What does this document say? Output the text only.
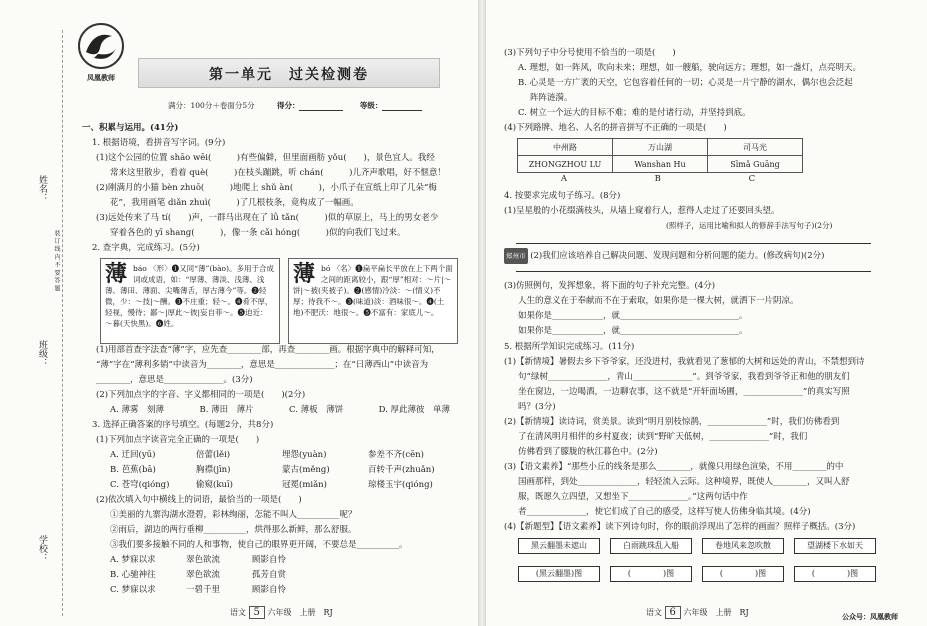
姓名：
班级：
学校：
装 订 线 内 不 要 答 题
凤凰教师	第一单元　过关检测卷
满分：100分＋卷面分5分	得分：	等级：
一、积累与运用。(41分)
1. 根据语境，看拼音写字词。(9分)
(1)这个公园的位置 shāo wēi(　　　)有些偏僻，但里面画舫 yǒu(　　)，景色宜人。我经
常来这里散步，看着 què(　　　)在枝头蹦跳，听 chán(　　　)儿齐声歌唱，好不惬意！
(2)刚满月的小猫 bèn zhuō(　　　)地爬上 shǔ àn(　　　)，小爪子在宣纸上印了几朵“梅
花”，我用画笔 diǎn zhuì(　　　)了几根枝条，竟构成了一幅画。
(3)远处传来了马 tí(　　)声，一群马出现在了 lǜ tǎn(　　　)似的草原上，马上的男女老少
穿着各色的 yī shang(　　　)，像一条 cǎi hóng(　　　)似的向我们飞过来。
2. 查字典，完成练习。(5分)
薄 báo 〈形〉❶又同“薄”(bào)。多用于合成词或成语，如：“厚薄、薄淡、浅薄、浅薄、薄田、薄面、尖嘴薄舌，厚古薄今”等。❷轻微，少：～技|～酬。❸不庄重；轻～。❹肴不厚，轻视，慢待；鄙～|厚此～彼|妄自菲～。❺迫近：～暮(天快黑)。❻姓。
薄 bó 〈名〉❶扁平扁长平放在上下两个面之间的距离较小，跟“厚”相对：～片|～饼|～被(夹被子)。❷(感情)冷淡：～(情义)不厚；待我不～。❸(味道)淡：酒味很～。❹(土地)不肥沃：地很～。❺不富有：家底儿～。
(1)用部首查字法查“薄”字，应先查________部，再查________画。根据字典中的解释可知，
“薄”字在“薄利多销”中读音为________，意思是______________；在“日薄西山”中读音为
________，意思是______________。(3分)
(2)下列加点字的字音、字义都相同的一项是(　　)(2分)
A. 薄雾　刻薄	B. 薄田　薄片	C. 薄板　薄饼	D. 厚此薄彼　单薄
3. 选择正确答案的序号填空。(每题2分，共8分)
(1)下列加点字读音完全正确的一项是(　　)
A. 迁回(yū)	倍蕾(lěi)	埋怨(yuàn)	参差不齐(cēn)
B. 芭蕉(bā)	胸襟(jīn)	蒙古(měng)	百转千声(zhuǎn)
C. 苍穹(qióng)	偷窥(kuī)	冠冕(miǎn)	琼楼玉宇(qióng)
(2)依次填入句中横线上的词语，最恰当的一项是(　　)
①美丽的九寨沟湖水澄碧，彩林绚丽，怎能不叫人__________呢？
②雨后，湖边的两行垂柳__________，烘得那么新鲜，那么舒服。
③我们要多接触不同的人和事物，使自己的眼界更开阔，不要总是__________。
A. 梦寐以求	翠色欲流	顾影自怜
B. 心驰神往	翠色欲流	孤芳自赏
C. 梦寐以求	一碧千里	顾影自怜
语文 5 六年级　上册　RJ
(3)下列句子中分号使用不恰当的一项是(　　)
A. 理想，如一阵风，吹向未来；理想，如一艘船，驶向远方；理想，如一盏灯，点亮明天。
B. 心灵是一方广袤的天空，它包容着任何的一切；心灵是一片宁静的湖水，偶尔也会泛起
阵阵涟漪。
C. 树立一个远大的目标不难；难的是付诸行动，并坚持到底。
(4)下列路牌、地名、人名的拼音拼写不正确的一项是(　　)
中州路	万山湖	司马光
ZHONGZHOU LU	Wanshan Hu	Sīmǎ Guāng
A	B	C
4. 按要求完成句子练习。(8分)
(1)呈星般的小花缀满枝头，从墙上窥着行人，惹得人走过了还要回头望。
(照样子，运用比喻和拟人的修辞手法写句子)(2分)
郑州市 (2)我们应该培养自己解决问题、发现问题和分析问题的能力。(修改病句)(2分)
(3)仿照例句，发挥想象，将下面的句子补充完整。(4分)
人生的意义在于奉献而不在于索取，如果你是一棵大树，就洒下一片阴凉。
如果你是____________，就____________________________。
如果你是____________，就____________________________。
5. 根据所学知识完成练习。(11分)
(1)【新情境】暑假去乡下爷爷家，还没进村，我就看见了葱郁的大树和远处的青山，不禁想到诗
句“绿树______________，青山______________”。到爷爷家，我看到爷爷正和他的朋友们
坐在窗边，一边喝酒，一边聊农事，这不就是“开轩面场圃，______________”的真实写照
吗？(3分)
(2)【新情境】读诗词，赏美景。读到“明月别枝惊鹊，______________”时，我们仿佛看到
了在清风明月相伴的乡村夏夜；读到“野旷天低树，______________”时，我们
仿佛看到了朦胧的秋江暮色中。(2分)
(3)【语文素养】“那些小丘的线条是那么________，就像只用绿色渲染，不用________的中
国画那样，到处______________，轻轻流入云际。这种境界，既使人________，又叫人舒
服，既愿久立四望，又想坐下______________。”这两句话中作
者______________，使它们成了自己的感受，这样写使人仿佛身临其境。(4分)
(4)【新题型】【语文素养】读下列诗句时，你的眼前浮现出了怎样的画面？照样子概括。(3分)
黑云翻墨未遮山	白雨跳珠乱入船	卷地风来忽吹散	望湖楼下水如天
(黑云翻墨)图	(　　　　)图	(　　　　)图	(　　　　)图
语文 6 六年级　上册　RJ	公众号：凤凰教师
